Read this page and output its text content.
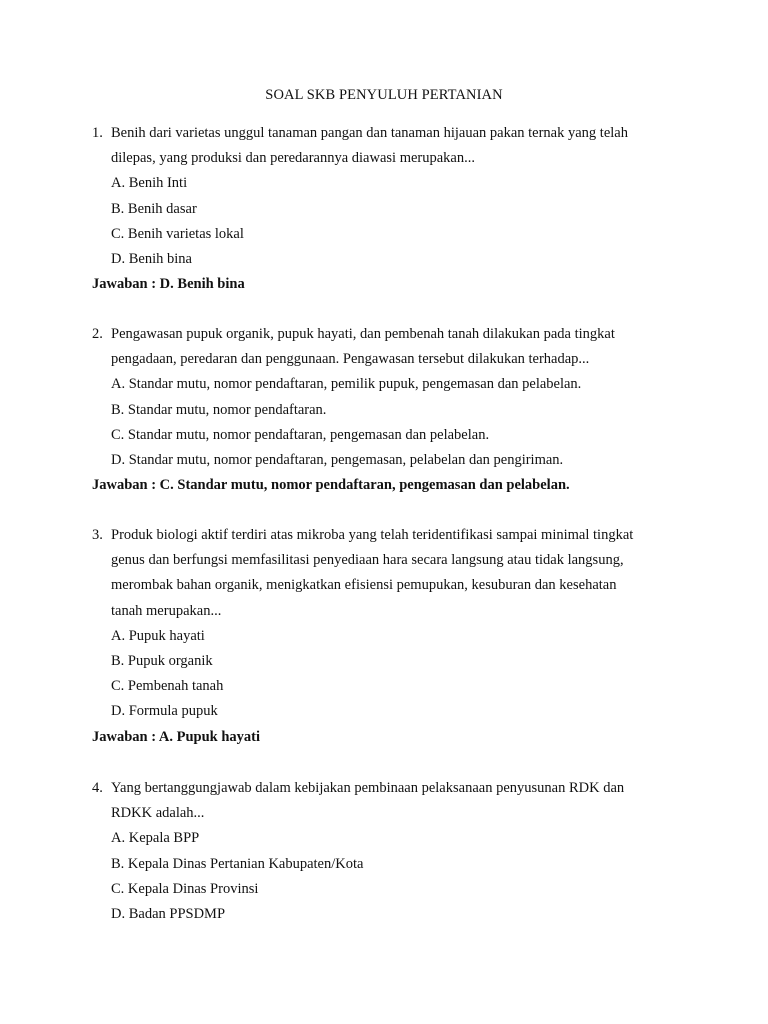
SOAL SKB PENYULUH PERTANIAN
1. Benih dari varietas unggul tanaman pangan dan tanaman hijauan pakan ternak yang telah
dilepas, yang produksi dan peredarannya diawasi merupakan...
A. Benih Inti
B. Benih dasar
C. Benih varietas lokal
D. Benih bina
Jawaban : D. Benih bina
2. Pengawasan pupuk organik, pupuk hayati, dan pembenah tanah dilakukan pada tingkat
pengadaan, peredaran dan penggunaan. Pengawasan tersebut dilakukan terhadap...
A. Standar mutu, nomor pendaftaran, pemilik pupuk, pengemasan dan pelabelan.
B. Standar mutu, nomor pendaftaran.
C. Standar mutu, nomor pendaftaran, pengemasan dan pelabelan.
D. Standar mutu, nomor pendaftaran, pengemasan, pelabelan dan pengiriman.
Jawaban : C. Standar mutu, nomor pendaftaran, pengemasan dan pelabelan.
3. Produk biologi aktif terdiri atas mikroba yang telah teridentifikasi sampai minimal tingkat
genus dan berfungsi memfasilitasi penyediaan hara secara langsung atau tidak langsung,
merombak bahan organik, menigkatkan efisiensi pemupukan, kesuburan dan kesehatan
tanah merupakan...
A. Pupuk hayati
B. Pupuk organik
C. Pembenah tanah
D. Formula pupuk
Jawaban : A. Pupuk hayati
4. Yang bertanggungjawab dalam kebijakan pembinaan pelaksanaan penyusunan RDK dan
RDKK adalah...
A. Kepala BPP
B. Kepala Dinas Pertanian Kabupaten/Kota
C. Kepala Dinas Provinsi
D. Badan PPSDMP
